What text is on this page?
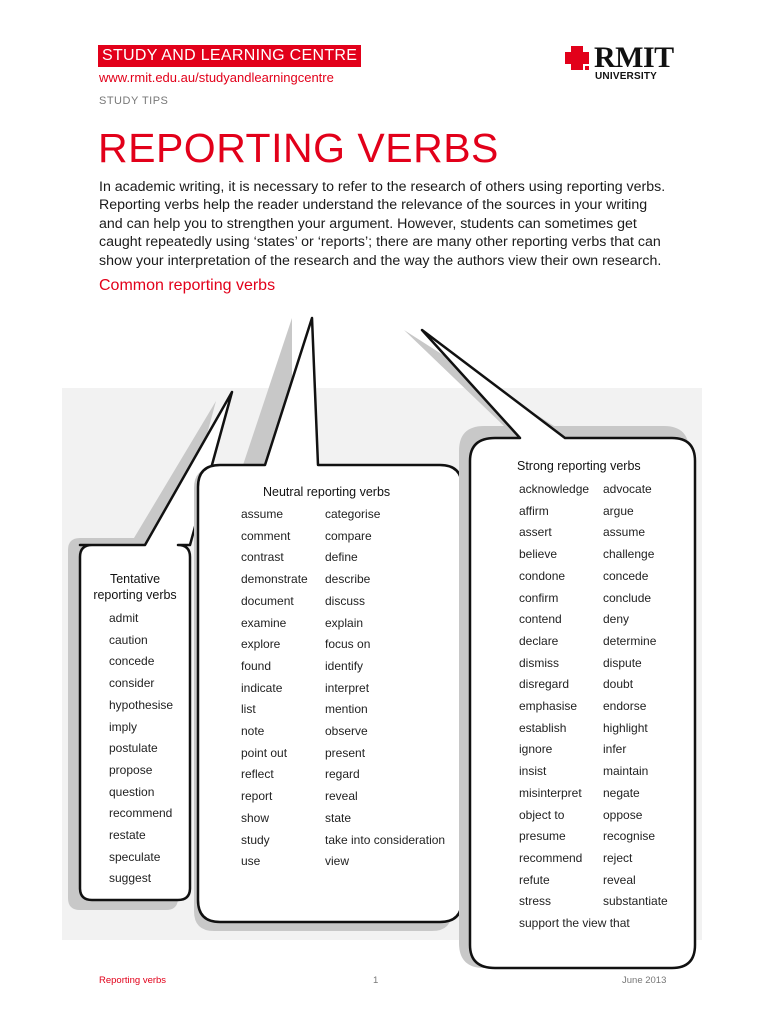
STUDY AND LEARNING CENTRE
www.rmit.edu.au/studyandlearningcentre
STUDY TIPS
RMIT
UNIVERSITY
REPORTING VERBS
In academic writing, it is necessary to refer to the research of others using reporting verbs. Reporting verbs help the reader understand the relevance of the sources in your writing and can help you to strengthen your argument. However, students can sometimes get caught repeatedly using ‘states’ or ‘reports’; there are many other reporting verbs that can show your interpretation of the research and the way the authors view their own research.
Common reporting verbs
Tentative
reporting verbs
admit
caution
concede
consider
hypothesise
imply
postulate
propose
question
recommend
restate
speculate
suggest
Neutral reporting verbs
assume
comment
contrast
demonstrate
document
examine
explore
found
indicate
list
note
point out
reflect
report
show
study
use
categorise
compare
define
describe
discuss
explain
focus on
identify
interpret
mention
observe
present
regard
reveal
state
take into consideration
view
Strong reporting verbs
acknowledge
affirm
assert
believe
condone
confirm
contend
declare
dismiss
disregard
emphasise
establish
ignore
insist
misinterpret
object to
presume
recommend
refute
stress
support the view that
advocate
argue
assume
challenge
concede
conclude
deny
determine
dispute
doubt
endorse
highlight
infer
maintain
negate
oppose
recognise
reject
reveal
substantiate
Reporting verbs	1	June 2013
